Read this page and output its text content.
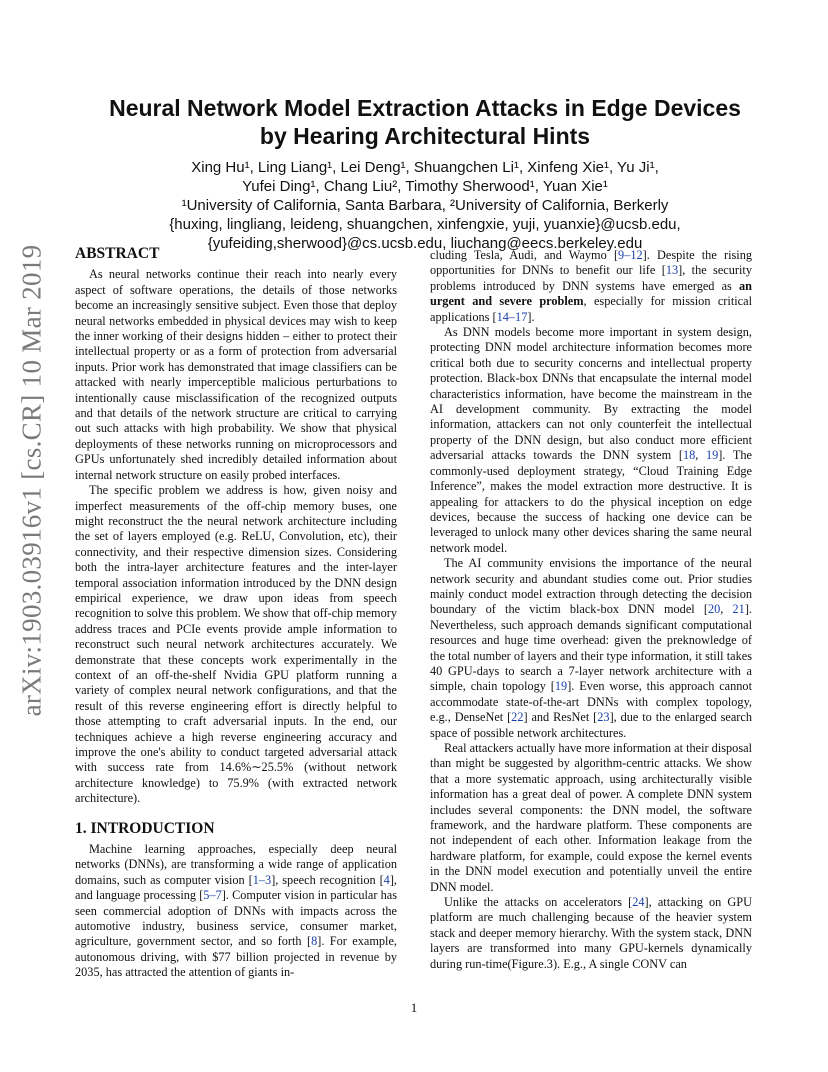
arXiv:1903.03916v1 [cs.CR] 10 Mar 2019
Neural Network Model Extraction Attacks in Edge Devices
by Hearing Architectural Hints
Xing Hu¹, Ling Liang¹, Lei Deng¹, Shuangchen Li¹, Xinfeng Xie¹, Yu Ji¹,
Yufei Ding¹, Chang Liu², Timothy Sherwood¹, Yuan Xie¹
¹University of California, Santa Barbara, ²University of California, Berkerly
{huxing, lingliang, leideng, shuangchen, xinfengxie, yuji, yuanxie}@ucsb.edu,
{yufeiding,sherwood}@cs.ucsb.edu, liuchang@eecs.berkeley.edu
ABSTRACT

As neural networks continue their reach into nearly every aspect of software operations, the details of those networks become an increasingly sensitive subject. Even those that deploy neural networks embedded in physical devices may wish to keep the inner working of their designs hidden – either to protect their intellectual property or as a form of protection from adversarial inputs. Prior work has demonstrated that image classifiers can be attacked with nearly imperceptible malicious perturbations to intentionally cause misclassification of the recognized outputs and that details of the network structure are critical to carrying out such attacks with high probability. We show that physical deployments of these networks running on microprocessors and GPUs unfortunately shed incredibly detailed information about internal network structure on easily probed interfaces.

The specific problem we address is how, given noisy and imperfect measurements of the off-chip memory buses, one might reconstruct the the neural network architecture including the set of layers employed (e.g. ReLU, Convolution, etc), their connectivity, and their respective dimension sizes. Considering both the intra-layer architecture features and the inter-layer temporal association information introduced by the DNN design empirical experience, we draw upon ideas from speech recognition to solve this problem. We show that off-chip memory address traces and PCIe events provide ample information to reconstruct such neural network architectures accurately. We demonstrate that these concepts work experimentally in the context of an off-the-shelf Nvidia GPU platform running a variety of complex neural network configurations, and that the result of this reverse engineering effort is directly helpful to those attempting to craft adversarial inputs. In the end, our techniques achieve a high reverse engineering accuracy and improve the one's ability to conduct targeted adversarial attack with success rate from 14.6%∼25.5% (without network architecture knowledge) to 75.9% (with extracted network architecture).

1. INTRODUCTION

Machine learning approaches, especially deep neural networks (DNNs), are transforming a wide range of application domains, such as computer vision [1–3], speech recognition [4], and language processing [5–7]. Computer vision in particular has seen commercial adoption of DNNs with impacts across the automotive industry, business service, consumer market, agriculture, government sector, and so forth [8]. For example, autonomous driving, with $77 billion projected in revenue by 2035, has attracted the attention of giants in-

cluding Tesla, Audi, and Waymo [9–12]. Despite the rising opportunities for DNNs to benefit our life [13], the security problems introduced by DNN systems have emerged as an urgent and severe problem, especially for mission critical applications [14–17].

As DNN models become more important in system design, protecting DNN model architecture information becomes more critical both due to security concerns and intellectual property protection. Black-box DNNs that encapsulate the internal model characteristics information, have become the mainstream in the AI development community. By extracting the model information, attackers can not only counterfeit the intellectual property of the DNN design, but also conduct more efficient adversarial attacks towards the DNN system [18, 19]. The commonly-used deployment strategy, “Cloud Training Edge Inference”, makes the model extraction more destructive. It is appealing for attackers to do the physical inception on edge devices, because the success of hacking one device can be leveraged to unlock many other devices sharing the same neural network model.

The AI community envisions the importance of the neural network security and abundant studies come out. Prior studies mainly conduct model extraction through detecting the decision boundary of the victim black-box DNN model [20, 21]. Nevertheless, such approach demands significant computational resources and huge time overhead: given the preknowledge of the total number of layers and their type information, it still takes 40 GPU-days to search a 7-layer network architecture with a simple, chain topology [19]. Even worse, this approach cannot accommodate state-of-the-art DNNs with complex topology, e.g., DenseNet [22] and ResNet [23], due to the enlarged search space of possible network architectures.

Real attackers actually have more information at their disposal than might be suggested by algorithm-centric attacks. We show that a more systematic approach, using architecturally visible information has a great deal of power. A complete DNN system includes several components: the DNN model, the software framework, and the hardware platform. These components are not independent of each other. Information leakage from the hardware platform, for example, could expose the kernel events in the DNN model execution and potentially unveil the entire DNN model.

Unlike the attacks on accelerators [24], attacking on GPU platform are much challenging because of the heavier system stack and deeper memory hierarchy. With the system stack, DNN layers are transformed into many GPU-kernels dynamically during run-time(Figure.3). E.g., A single CONV can

1
